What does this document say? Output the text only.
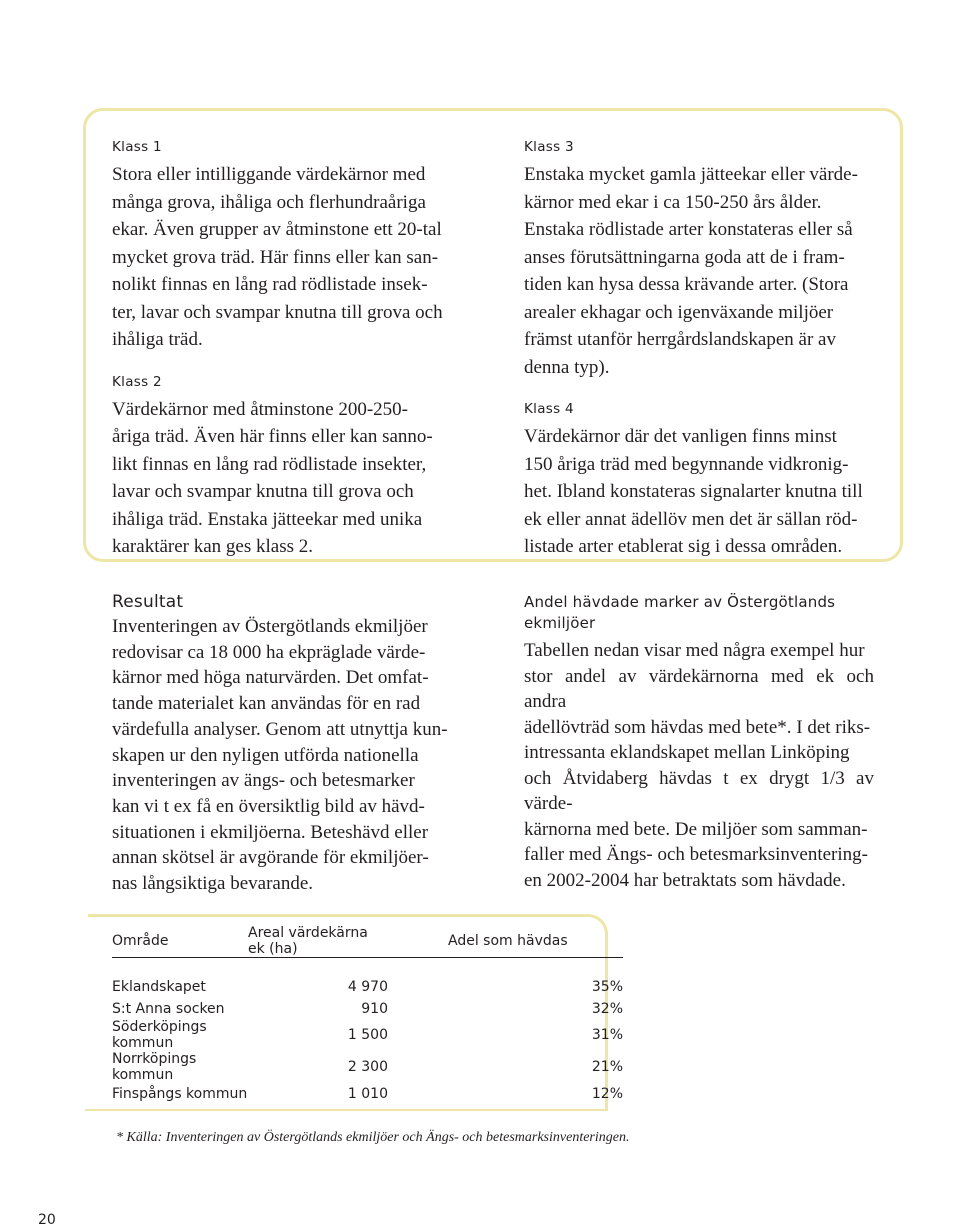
Klass 1

Stora eller intilliggande värdekärnor med
många grova, ihåliga och flerhundraåriga
ekar. Även grupper av åtminstone ett 20-tal
mycket grova träd. Här finns eller kan san-
nolikt finnas en lång rad rödlistade insek-
ter, lavar och svampar knutna till grova och
ihåliga träd.

Klass 2

Värdekärnor med åtminstone 200-250-
åriga träd. Även här finns eller kan sanno-
likt finnas en lång rad rödlistade insekter,
lavar och svampar knutna till grova och
ihåliga träd. Enstaka jätteekar med unika
karaktärer kan ges klass 2.

Klass 3

Enstaka mycket gamla jätteekar eller värde-
kärnor med ekar i ca 150-250 års ålder.
Enstaka rödlistade arter konstateras eller så
anses förutsättningarna goda att de i fram-
tiden kan hysa dessa krävande arter. (Stora
arealer ekhagar och igenväxande miljöer
främst utanför herrgårdslandskapen är av
denna typ).

Klass 4

Värdekärnor där det vanligen finns minst
150 åriga träd med begynnande vidkronig-
het. Ibland konstateras signalarter knutna till
ek eller annat ädellöv men det är sällan röd-
listade arter etablerat sig i dessa områden.

Resultat

Inventeringen av Östergötlands ekmiljöer
redovisar ca 18 000 ha ekpräglade värde-
kärnor med höga naturvärden. Det omfat-
tande materialet kan användas för en rad
värdefulla analyser. Genom att utnyttja kun-
skapen ur den nyligen utförda nationella
inventeringen av ängs- och betesmarker
kan vi t ex få en översiktlig bild av hävd-
situationen i ekmiljöerna. Beteshävd eller
annan skötsel är avgörande för ekmiljöer-
nas långsiktiga bevarande.

Andel hävdade marker av Östergötlands
ekmiljöer

Tabellen nedan visar med några exempel hur
stor andel av värdekärnorna med ek och andra
ädellövträd som hävdas med bete*. I det riks-
intressanta eklandskapet mellan Linköping
och Åtvidaberg hävdas t ex drygt 1/3 av värde-
kärnorna med bete. De miljöer som samman-
faller med Ängs- och betesmarksinventering-
en 2002-2004 har betraktats som hävdade.

Område	Areal värdekärna ek (ha)	Adel som hävdas
Eklandskapet	4 970	35%
S:t Anna socken	910	32%
Söderköpings kommun	1 500	31%
Norrköpings kommun	2 300	21%
Finspångs kommun	1 010	12%
* Källa: Inventeringen av Östergötlands ekmiljöer och Ängs- och betesmarksinventeringen.
20
